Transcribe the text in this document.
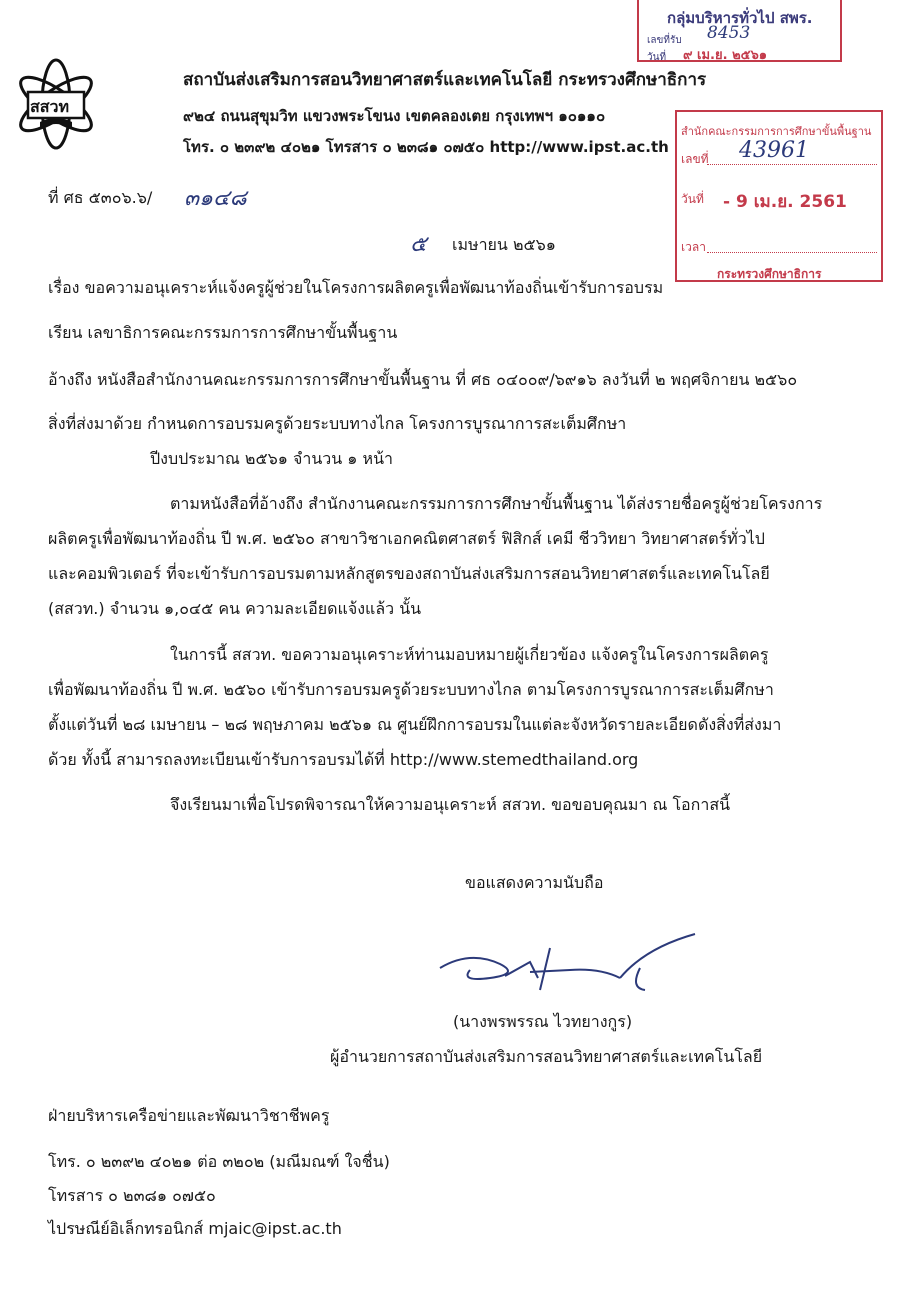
สสวท
สถาบันส่งเสริมการสอนวิทยาศาสตร์และเทคโนโลยี กระทรวงศึกษาธิการ
๙๒๔ ถนนสุขุมวิท แขวงพระโขนง เขตคลองเตย กรุงเทพฯ ๑๐๑๑๐
โทร. ๐ ๒๓๙๒ ๔๐๒๑ โทรสาร ๐ ๒๓๘๑ ๐๗๕๐ http://www.ipst.ac.th
กลุ่มบริหารทั่วไป สพร.
เลขที่รับ 8453
วันที่ ๙ เม.ย. ๒๕๖๑
สำนักคณะกรรมการการศึกษาขั้นพื้นฐาน
เลขที่ 43961
วันที่ - 9 เม.ย. 2561
เวลา
กระทรวงศึกษาธิการ
ที่ ศธ ๕๓๐๖.๖/ ๓๑๔๘
๕ เมษายน ๒๕๖๑
เรื่อง ขอความอนุเคราะห์แจ้งครูผู้ช่วยในโครงการผลิตครูเพื่อพัฒนาท้องถิ่นเข้ารับการอบรม
เรียน เลขาธิการคณะกรรมการการศึกษาขั้นพื้นฐาน
อ้างถึง หนังสือสำนักงานคณะกรรมการการศึกษาขั้นพื้นฐาน ที่ ศธ ๐๔๐๐๙/๖๙๑๖ ลงวันที่ ๒ พฤศจิกายน ๒๕๖๐
สิ่งที่ส่งมาด้วย กำหนดการอบรมครูด้วยระบบทางไกล โครงการบูรณาการสะเต็มศึกษา
ปีงบประมาณ ๒๕๖๑ จำนวน ๑ หน้า
ตามหนังสือที่อ้างถึง สำนักงานคณะกรรมการการศึกษาขั้นพื้นฐาน ได้ส่งรายชื่อครูผู้ช่วยโครงการ
ผลิตครูเพื่อพัฒนาท้องถิ่น ปี พ.ศ. ๒๕๖๐ สาขาวิชาเอกคณิตศาสตร์ ฟิสิกส์ เคมี ชีววิทยา วิทยาศาสตร์ทั่วไป
และคอมพิวเตอร์ ที่จะเข้ารับการอบรมตามหลักสูตรของสถาบันส่งเสริมการสอนวิทยาศาสตร์และเทคโนโลยี
(สสวท.) จำนวน ๑,๐๔๕ คน ความละเอียดแจ้งแล้ว นั้น
ในการนี้ สสวท. ขอความอนุเคราะห์ท่านมอบหมายผู้เกี่ยวข้อง แจ้งครูในโครงการผลิตครู
เพื่อพัฒนาท้องถิ่น ปี พ.ศ. ๒๕๖๐ เข้ารับการอบรมครูด้วยระบบทางไกล ตามโครงการบูรณาการสะเต็มศึกษา
ตั้งแต่วันที่ ๒๘ เมษายน – ๒๘ พฤษภาคม ๒๕๖๑ ณ ศูนย์ฝึกการอบรมในแต่ละจังหวัดรายละเอียดดังสิ่งที่ส่งมา
ด้วย ทั้งนี้ สามารถลงทะเบียนเข้ารับการอบรมได้ที่ http://www.stemedthailand.org
จึงเรียนมาเพื่อโปรดพิจารณาให้ความอนุเคราะห์ สสวท. ขอขอบคุณมา ณ โอกาสนี้
ขอแสดงความนับถือ
(นางพรพรรณ ไวทยางกูร)
ผู้อำนวยการสถาบันส่งเสริมการสอนวิทยาศาสตร์และเทคโนโลยี
ฝ่ายบริหารเครือข่ายและพัฒนาวิชาชีพครู
โทร. ๐ ๒๓๙๒ ๔๐๒๑ ต่อ ๓๒๐๒ (มณีมณฑ์ ใจชื่น)
โทรสาร ๐ ๒๓๘๑ ๐๗๕๐
ไปรษณีย์อิเล็กทรอนิกส์ mjaic@ipst.ac.th
